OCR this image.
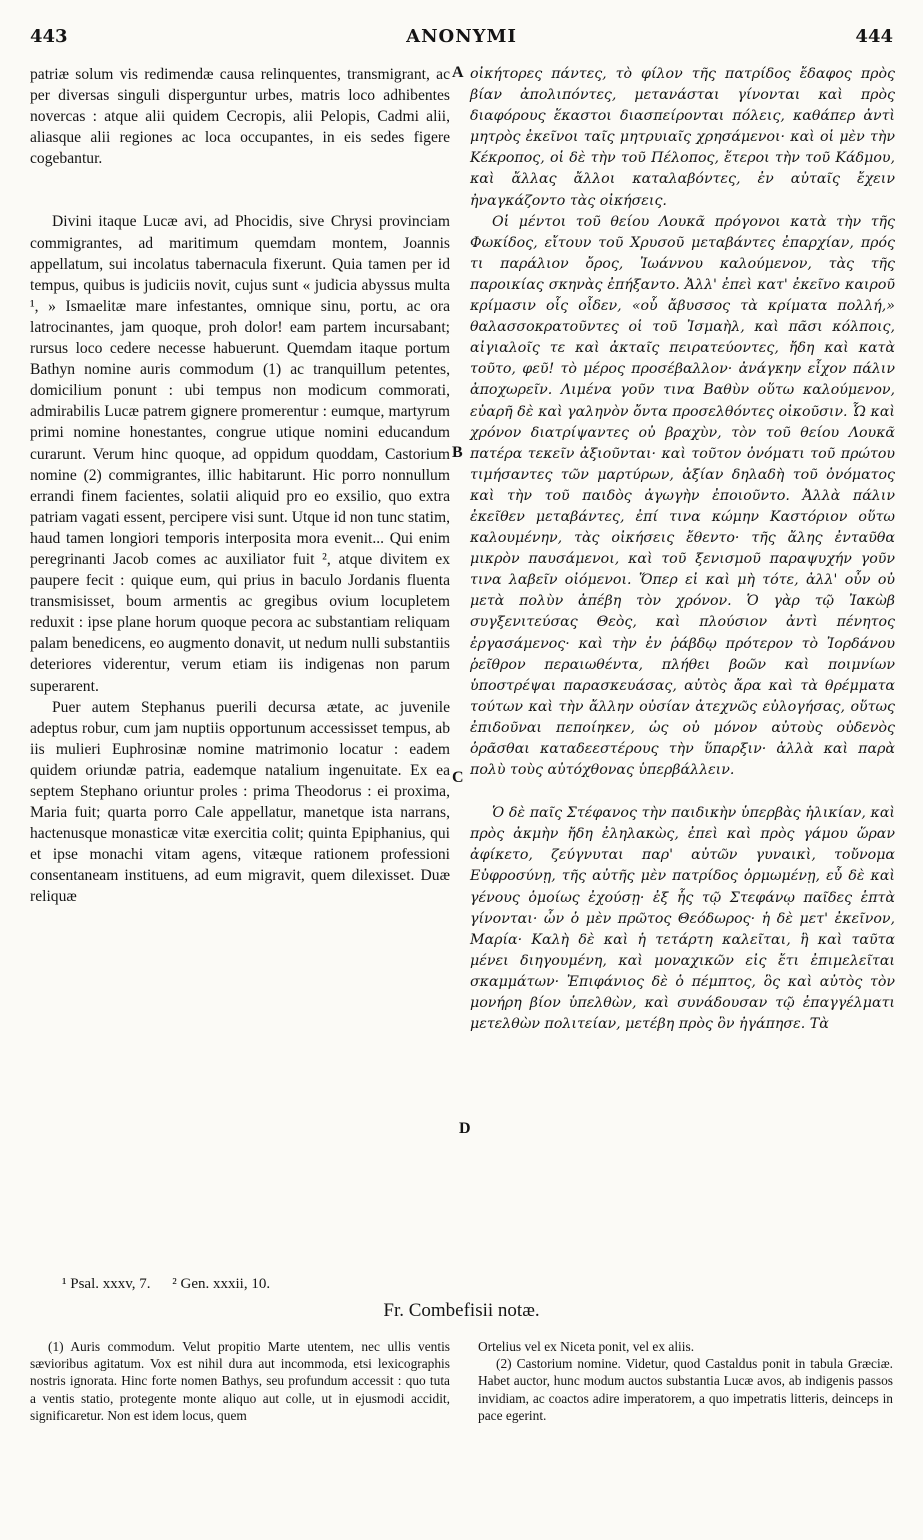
443	ANONYMI	444
A
B
C
D

patriæ solum vis redimendæ causa relinquentes, transmigrant, ac per diversas singuli disperguntur urbes, matris loco adhibentes novercas : atque alii quidem Cecropis, alii Pelopis, Cadmi alii, aliasque alii regiones ac loca occupantes, in eis sedes figere cogebantur.

Divini itaque Lucæ avi, ad Phocidis, sive Chrysi provinciam commigrantes, ad maritimum quemdam montem, Joannis appellatum, sui incolatus tabernacula fixerunt. Quia tamen per id tempus, quibus is judiciis novit, cujus sunt « judicia abyssus multa ¹, » Ismaelitæ mare infestantes, omnique sinu, portu, ac ora latrocinantes, jam quoque, proh dolor! eam partem incursabant; rursus loco cedere necesse habuerunt. Quemdam itaque portum Bathyn nomine auris commodum (1) ac tranquillum petentes, domicilium ponunt : ubi tempus non modicum commorati, admirabilis Lucæ patrem gignere promerentur : eumque, martyrum primi nomine honestantes, congrue utique nomini educandum curarunt. Verum hinc quoque, ad oppidum quoddam, Castorium nomine (2) commigrantes, illic habitarunt. Hic porro nonnullum errandi finem facientes, solatii aliquid pro eo exsilio, quo extra patriam vagati essent, percipere visi sunt. Utque id non tunc statim, haud tamen longiori temporis interposita mora evenit... Qui enim peregrinanti Jacob comes ac auxiliator fuit ², atque divitem ex paupere fecit : quique eum, qui prius in baculo Jordanis fluenta transmisisset, boum armentis ac gregibus ovium locupletem reduxit : ipse plane horum quoque pecora ac substantiam reliquam palam benedicens, eo augmento donavit, ut nedum nulli substantiis deteriores viderentur, verum etiam iis indigenas non parum superarent.

Puer autem Stephanus puerili decursa ætate, ac juvenile adeptus robur, cum jam nuptiis opportunum accessisset tempus, ab iis mulieri Euphrosinæ nomine matrimonio locatur : eadem quidem oriundæ patria, eademque natalium ingenuitate. Ex ea septem Stephano oriuntur proles : prima Theodorus : ei proxima, Maria fuit; quarta porro Cale appellatur, manetque ista narrans, hactenusque monasticæ vitæ exercitia colit; quinta Epiphanius, qui et ipse monachi vitam agens, vitæque rationem professioni consentaneam instituens, ad eum migravit, quem dilexisset. Duæ reliquæ

οἰκήτορες πάντες, τὸ φίλον τῆς πατρίδος ἔδαφος πρὸς βίαν ἀπολιπόντες, μετανάσται γίνονται καὶ πρὸς διαφόρους ἕκαστοι διασπείρονται πόλεις, καθάπερ ἀντὶ μητρὸς ἐκεῖνοι ταῖς μητρυιαῖς χρησάμενοι· καὶ οἱ μὲν τὴν Κέκροπος, οἱ δὲ τὴν τοῦ Πέλοπος, ἕτεροι τὴν τοῦ Κάδμου, καὶ ἄλλας ἄλλοι καταλαβόντες, ἐν αὐταῖς ἔχειν ἠναγκάζοντο τὰς οἰκήσεις.

Οἱ μέντοι τοῦ θείου Λουκᾶ πρόγονοι κατὰ τὴν τῆς Φωκίδος, εἴτουν τοῦ Χρυσοῦ μεταβάντες ἐπαρχίαν, πρός τι παράλιον ὄρος, Ἰωάννου καλούμενον, τὰς τῆς παροικίας σκηνὰς ἐπήξαντο. Ἀλλ' ἐπεὶ κατ' ἐκεῖνο καιροῦ κρίμασιν οἷς οἶδεν, «οὗ ἄβυσσος τὰ κρίματα πολλή,» θαλασσοκρατοῦντες οἱ τοῦ Ἰσμαὴλ, καὶ πᾶσι κόλποις, αἰγιαλοῖς τε καὶ ἀκταῖς πειρατεύοντες, ἤδη καὶ κατὰ τοῦτο, φεῦ! τὸ μέρος προσέβαλλον· ἀνάγκην εἶχον πάλιν ἀποχωρεῖν. Λιμένα γοῦν τινα Βαθὺν οὕτω καλούμενον, εὐαρῆ δὲ καὶ γαληνὸν ὄντα προσελθόντες οἰκοῦσιν. Ὧ καὶ χρόνον διατρίψαντες οὐ βραχὺν, τὸν τοῦ θείου Λουκᾶ πατέρα τεκεῖν ἀξιοῦνται· καὶ τοῦτον ὀνόματι τοῦ πρώτου τιμήσαντες τῶν μαρτύρων, ἀξίαν δηλαδὴ τοῦ ὀνόματος καὶ τὴν τοῦ παιδὸς ἀγωγὴν ἐποιοῦντο. Ἀλλὰ πάλιν ἐκεῖθεν μεταβάντες, ἐπί τινα κώμην Καστόριον οὕτω καλουμένην, τὰς οἰκήσεις ἔθεντο· τῆς ἄλης ἐνταῦθα μικρὸν παυσάμενοι, καὶ τοῦ ξενισμοῦ παραψυχήν γοῦν τινα λαβεῖν οἰόμενοι. Ὅπερ εἰ καὶ μὴ τότε, ἀλλ' οὖν οὐ μετὰ πολὺν ἀπέβη τὸν χρόνον. Ὁ γὰρ τῷ Ἰακὼβ συγξενιτεύσας Θεὸς, καὶ πλούσιον ἀντὶ πένητος ἐργασάμενος· καὶ τὴν ἐν ῥάβδῳ πρότερον τὸ Ἰορδάνου ῥεῖθρον περαιωθέντα, πλήθει βοῶν καὶ ποιμνίων ὑποστρέψαι παρασκευάσας, αὐτὸς ἄρα καὶ τὰ θρέμματα τούτων καὶ τὴν ἄλλην οὐσίαν ἀτεχνῶς εὐλογήσας, οὕτως ἐπιδοῦναι πεποίηκεν, ὡς οὐ μόνον αὐτοὺς οὐδενὸς ὁρᾶσθαι καταδεεστέρους τὴν ὕπαρξιν· ἀλλὰ καὶ παρὰ πολὺ τοὺς αὐτόχθονας ὑπερβάλλειν.

Ὁ δὲ παῖς Στέφανος τὴν παιδικὴν ὑπερβὰς ἡλικίαν, καὶ πρὸς ἀκμὴν ἤδη ἐληλακὼς, ἐπεὶ καὶ πρὸς γάμου ὥραν ἀφίκετο, ζεύγνυται παρ' αὐτῶν γυναικὶ, τοὔνομα Εὐφροσύνῃ, τῆς αὐτῆς μὲν πατρίδος ὁρμωμένῃ, εὖ δὲ καὶ γένους ὁμοίως ἐχούσῃ· ἐξ ἧς τῷ Στεφάνῳ παῖδες ἑπτὰ γίνονται· ὧν ὁ μὲν πρῶτος Θεόδωρος· ἡ δὲ μετ' ἐκεῖνον, Μαρία· Καλὴ δὲ καὶ ἡ τετάρτη καλεῖται, ἣ καὶ ταῦτα μένει διηγουμένη, καὶ μοναχικῶν εἰς ἔτι ἐπιμελεῖται σκαμμάτων· Ἐπιφάνιος δὲ ὁ πέμπτος, ὃς καὶ αὐτὸς τὸν μονήρη βίον ὑπελθὼν, καὶ συνάδουσαν τῷ ἐπαγγέλματι μετελθὼν πολιτείαν, μετέβη πρὸς ὃν ἠγάπησε. Τὰ

¹ Psal. xxxv, 7. ² Gen. xxxii, 10.
Fr. Combefisii notæ.

(1) Auris commodum. Velut propitio Marte utentem, nec ullis ventis sævioribus agitatum. Vox est nihil dura aut incommoda, etsi lexicographis nostris ignorata. Hinc forte nomen Bathys, seu profundum accessit : quo tuta a ventis statio, protegente monte aliquo aut colle, ut in ejusmodi accidit, significaretur. Non est idem locus, quem

Ortelius vel ex Niceta ponit, vel ex aliis.

(2) Castorium nomine. Videtur, quod Castaldus ponit in tabula Græciæ. Habet auctor, hunc modum auctos substantia Lucæ avos, ab indigenis passos invidiam, ac coactos adire imperatorem, a quo impetratis litteris, deinceps in pace egerint.
